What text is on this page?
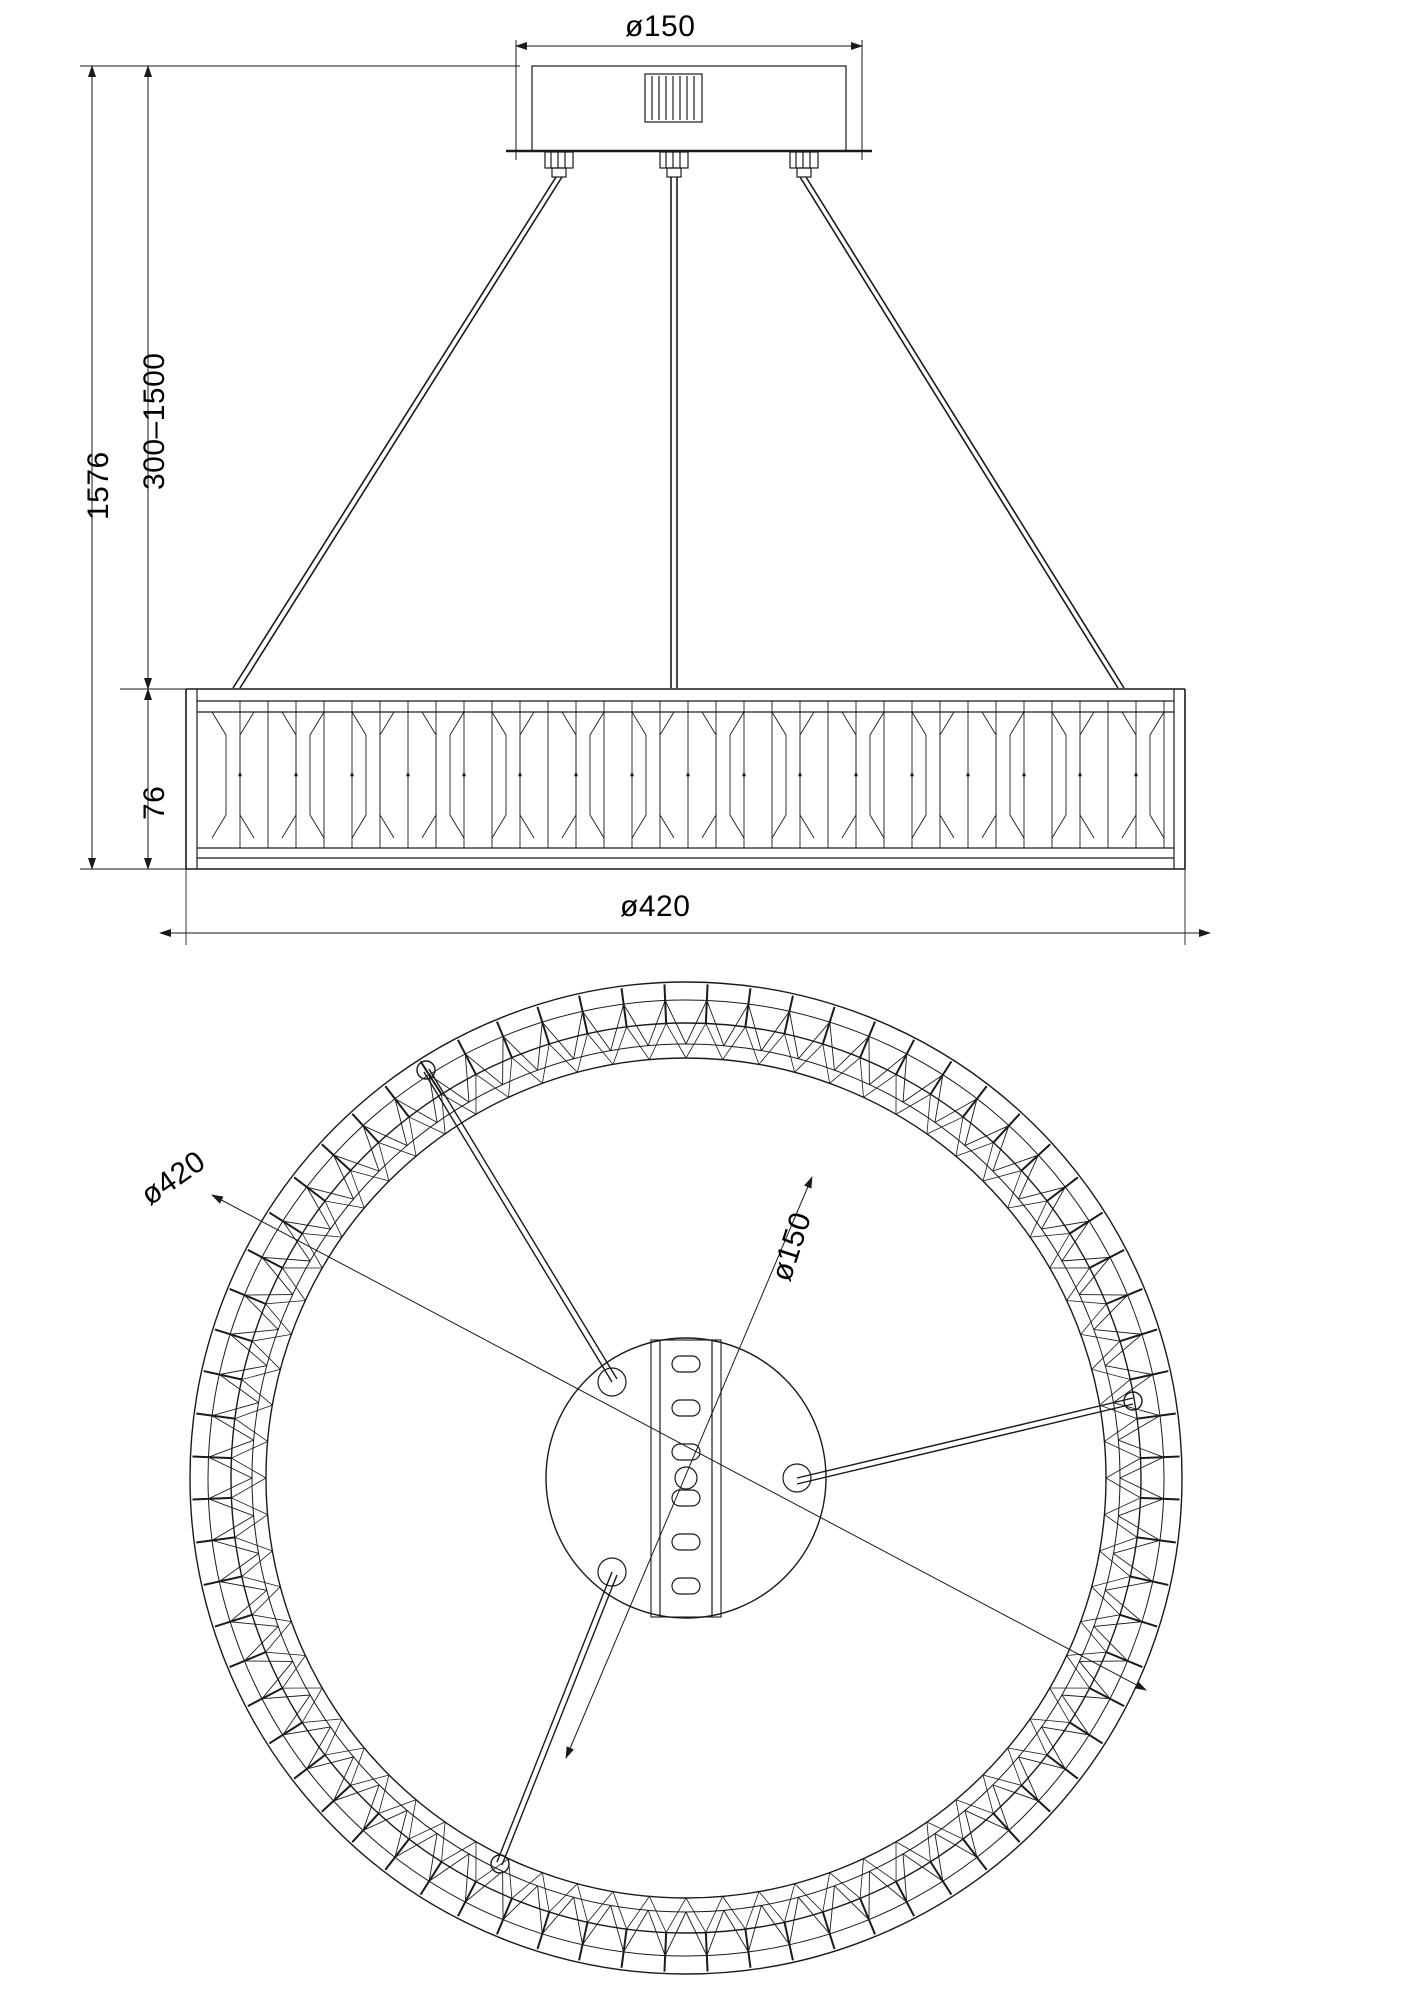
ø150
1576 300–1500
76
ø420
ø420
ø150
